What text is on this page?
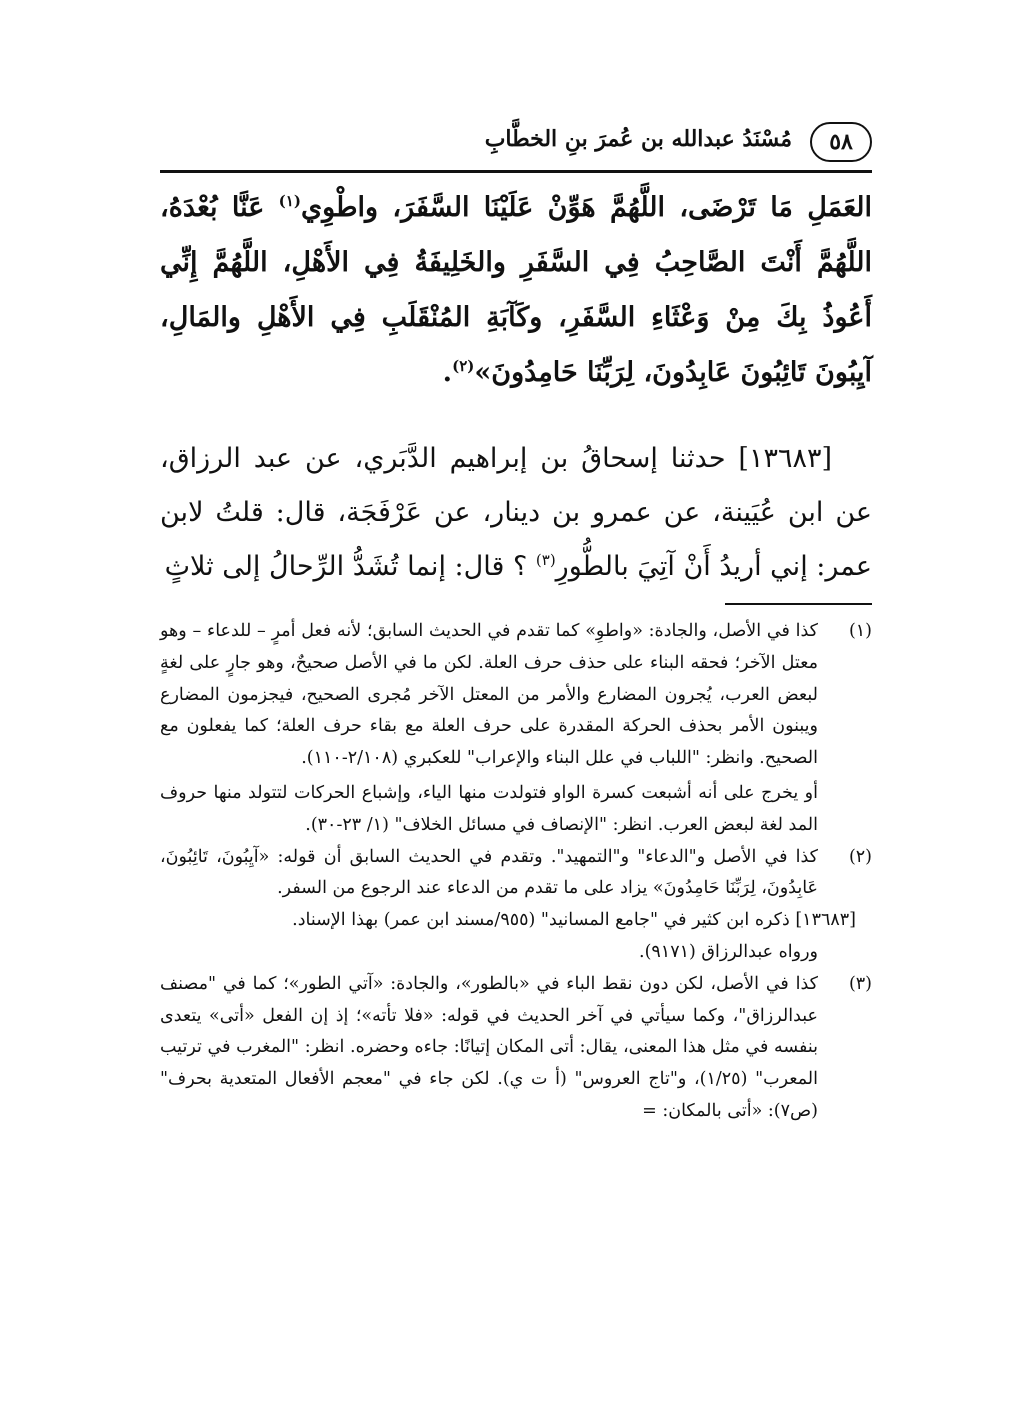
٥٨
مُسْنَدُ عبدالله بن عُمرَ بنِ الخطَّابِ

العَمَلِ مَا تَرْضَى، اللَّهُمَّ هَوِّنْ عَلَيْنَا السَّفَرَ، واطْوِي$^{(١)}$ عَنَّا بُعْدَهُ، اللَّهُمَّ أَنْتَ الصَّاحِبُ فِي السَّفَرِ والخَلِيفَةُ فِي الأَهْلِ، اللَّهُمَّ إِنِّي أَعُوذُ بِكَ مِنْ وَعْثَاءِ السَّفَرِ، وكَآبَةِ المُنْقَلَبِ فِي الأَهْلِ والمَالِ، آيِبُونَ تَائِبُونَ عَابِدُونَ، لِرَبِّنَا حَامِدُونَ»$^{(٢)}$.

[١٣٦٨٣] حدثنا إسحاقُ بن إبراهيم الدَّبَري، عن عبد الرزاق، عن ابن عُيَينة، عن عمرو بن دينار، عن عَرْفَجَة، قال: قلتُ لابن عمر: إني أريدُ أَنْ آتِيَ بالطُّورِ$^{(٣)}$ ؟ قال: إنما تُشَدُّ الرِّحالُ إلى ثلاثٍ

(١)

كذا في الأصل، والجادة: «واطوِ» كما تقدم في الحديث السابق؛ لأنه فعل أمرٍ – للدعاء – وهو معتل الآخر؛ فحقه البناء على حذف حرف العلة. لكن ما في الأصل صحيحٌ، وهو جارٍ على لغةٍ لبعض العرب، يُجرون المضارع والأمر من المعتل الآخر مُجرى الصحيح، فيجزمون المضارع ويبنون الأمر بحذف الحركة المقدرة على حرف العلة مع بقاء حرف العلة؛ كما يفعلون مع الصحيح. وانظر: "اللباب في علل البناء والإعراب" للعكبري (٢/١٠٨-١١٠).

أو يخرج على أنه أشبعت كسرة الواو فتولدت منها الياء، وإشباع الحركات لتتولد منها حروف المد لغة لبعض العرب. انظر: "الإنصاف في مسائل الخلاف" (١/ ٢٣-٣٠).

(٢)

كذا في الأصل و"الدعاء" و"التمهيد". وتقدم في الحديث السابق أن قوله: «آيِبُونَ، تَائِبُونَ، عَابِدُونَ، لِرَبِّنَا حَامِدُونَ» يزاد على ما تقدم من الدعاء عند الرجوع من السفر.

[١٣٦٨٣] ذكره ابن كثير في "جامع المسانيد" (٩٥٥/مسند ابن عمر) بهذا الإسناد.

ورواه عبدالرزاق (٩١٧١).

(٣)

كذا في الأصل، لكن دون نقط الباء في «بالطور»، والجادة: «آتي الطور»؛ كما في "مصنف عبدالرزاق"، وكما سيأتي في آخر الحديث في قوله: «فلا تأته»؛ إذ إن الفعل «أتى» يتعدى بنفسه في مثل هذا المعنى، يقال: أتى المكان إتيانًا: جاءه وحضره. انظر: "المغرب في ترتيب المعرب" (١/٢٥)، و"تاج العروس" (أ ت ي). لكن جاء في "معجم الأفعال المتعدية بحرف" (ص٧): «أتى بالمكان: =
